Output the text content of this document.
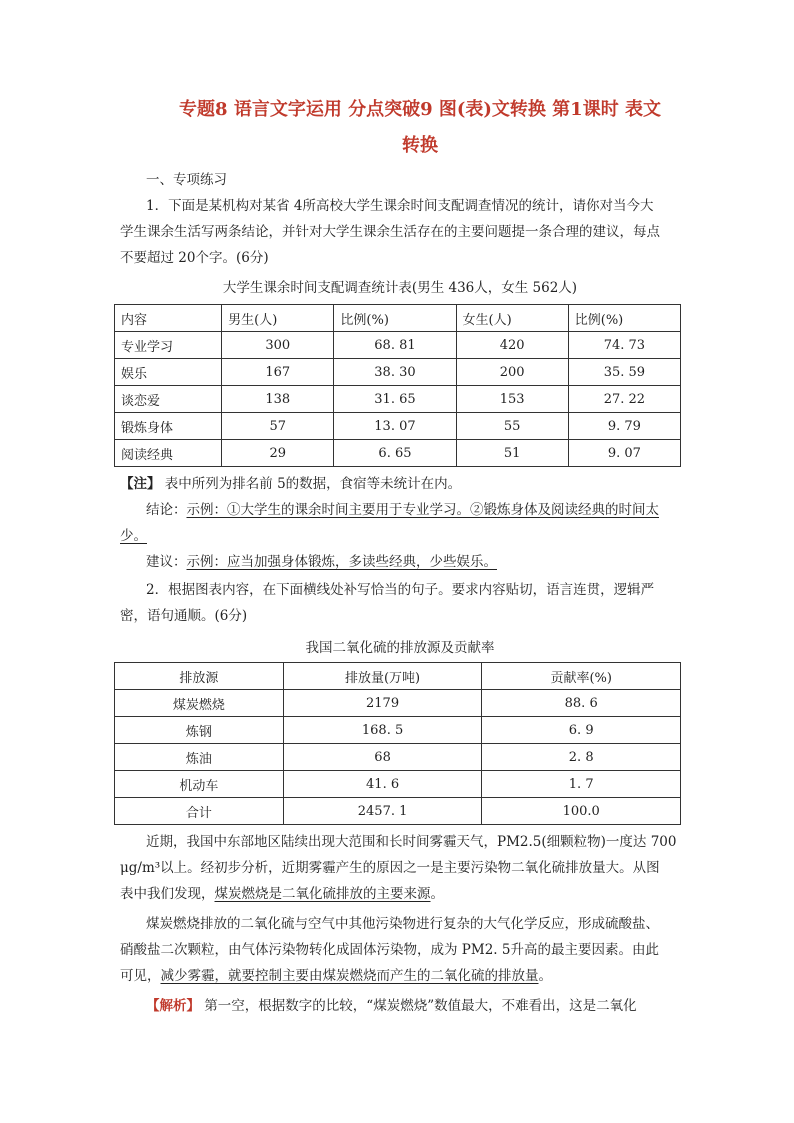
专题8 语言文字运用 分点突破9 图(表)文转换 第1课时 表文
转换
一、专项练习
1．下面是某机构对某省 4所高校大学生课余时间支配调查情况的统计，请你对当今大
学生课余生活写两条结论，并针对大学生课余生活存在的主要问题提一条合理的建议，每点
不要超过 20个字。(6分)
大学生课余时间支配调查统计表(男生 436人，女生 562人)
内容	男生(人)	比例(%)	女生(人)	比例(%)
专业学习	300	68. 81	420	74. 73
娱乐	167	38. 30	200	35. 59
谈恋爱	138	31. 65	153	27. 22
锻炼身体	57	13. 07	55	9. 79
阅读经典	29	6. 65	51	9. 07
【注】 表中所列为排名前 5的数据，食宿等未统计在内。
结论：示例：①大学生的课余时间主要用于专业学习。②锻炼身体及阅读经典的时间太
少。
建议：示例：应当加强身体锻炼，多读些经典，少些娱乐。
2．根据图表内容，在下面横线处补写恰当的句子。要求内容贴切，语言连贯，逻辑严
密，语句通顺。(6分)
我国二氧化硫的排放源及贡献率
排放源	排放量(万吨)	贡献率(%)
煤炭燃烧	2179	88. 6
炼钢	168. 5	6. 9
炼油	68	2. 8
机动车	41. 6	1. 7
合计	2457. 1	100.0
近期，我国中东部地区陆续出现大范围和长时间雾霾天气，PM2.5(细颗粒物)一度达 700
μg/m³以上。经初步分析，近期雾霾产生的原因之一是主要污染物二氧化硫排放量大。从图
表中我们发现，煤炭燃烧是二氧化硫排放的主要来源。
煤炭燃烧排放的二氧化硫与空气中其他污染物进行复杂的大气化学反应，形成硫酸盐、
硝酸盐二次颗粒，由气体污染物转化成固体污染物，成为 PM2. 5升高的最主要因素。由此
可见，减少雾霾，就要控制主要由煤炭燃烧而产生的二氧化硫的排放量。
【解析】 第一空，根据数字的比较，“煤炭燃烧”数值最大，不难看出，这是二氧化
